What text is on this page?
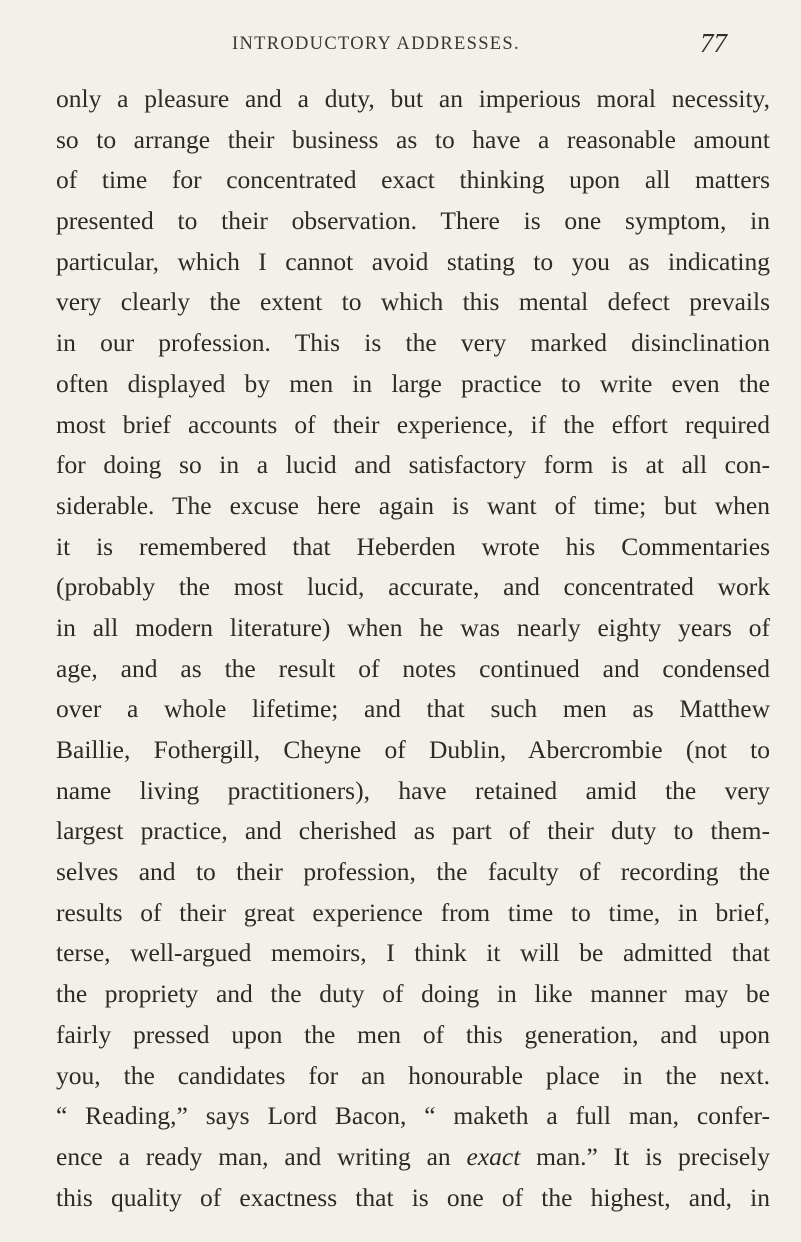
INTRODUCTORY ADDRESSES.	77
only a pleasure and a duty, but an imperious moral necessity,
so to arrange their business as to have a reasonable amount
of time for concentrated exact thinking upon all matters
presented to their observation. There is one symptom, in
particular, which I cannot avoid stating to you as indicating
very clearly the extent to which this mental defect prevails
in our profession. This is the very marked disinclination
often displayed by men in large practice to write even the
most brief accounts of their experience, if the effort required
for doing so in a lucid and satisfactory form is at all con-
siderable. The excuse here again is want of time; but when
it is remembered that Heberden wrote his Commentaries
(probably the most lucid, accurate, and concentrated work
in all modern literature) when he was nearly eighty years of
age, and as the result of notes continued and condensed
over a whole lifetime; and that such men as Matthew
Baillie, Fothergill, Cheyne of Dublin, Abercrombie (not to
name living practitioners), have retained amid the very
largest practice, and cherished as part of their duty to them-
selves and to their profession, the faculty of recording the
results of their great experience from time to time, in brief,
terse, well-argued memoirs, I think it will be admitted that
the propriety and the duty of doing in like manner may be
fairly pressed upon the men of this generation, and upon
you, the candidates for an honourable place in the next.
“ Reading,” says Lord Bacon, “ maketh a full man, confer-
ence a ready man, and writing an exact man.” It is precisely
this quality of exactness that is one of the highest, and, in
